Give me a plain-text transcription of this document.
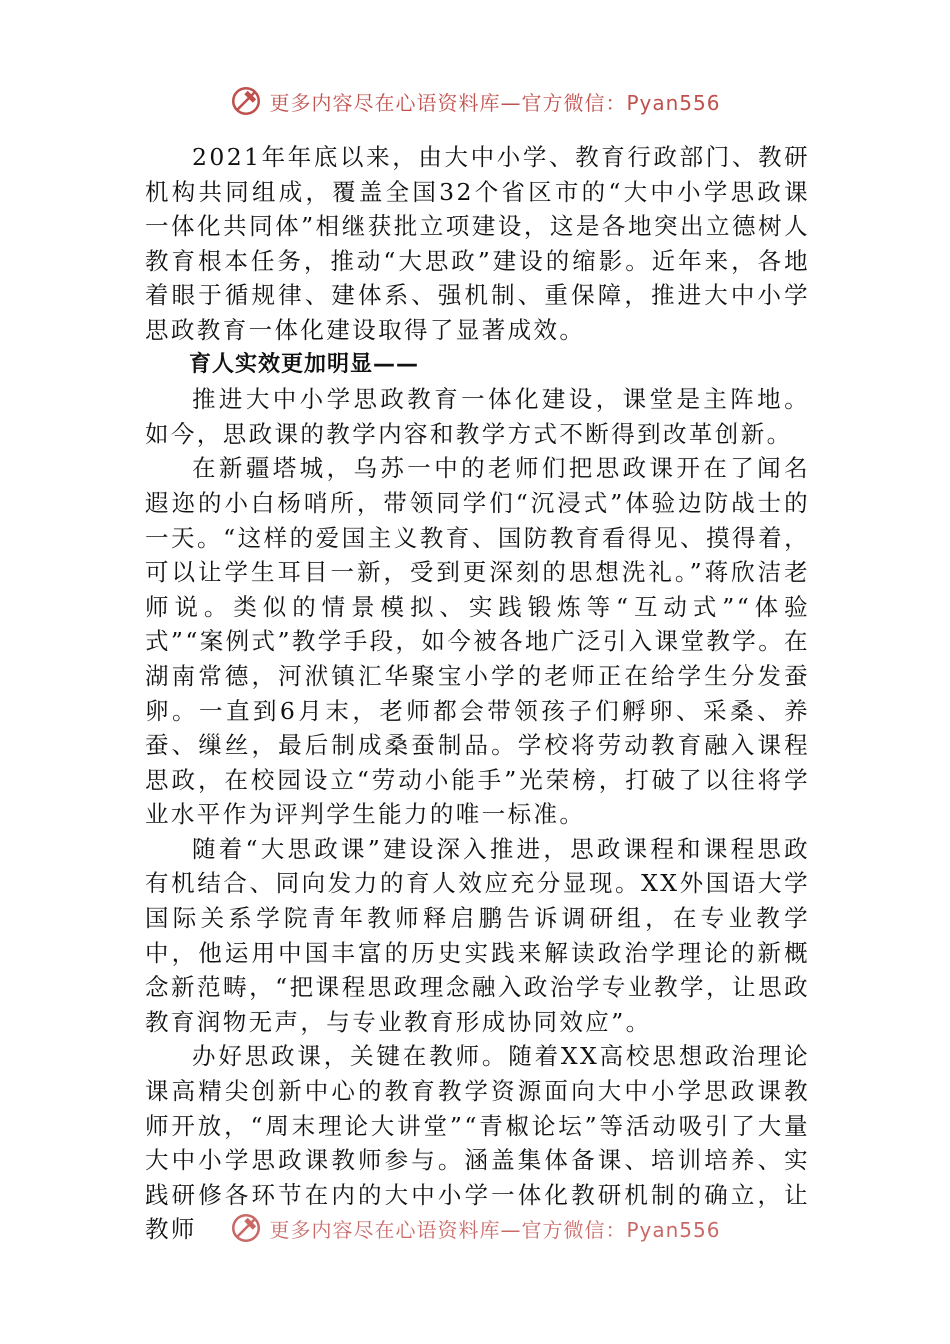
更多内容尽在心语资料库—官方微信：Pyan556

2021年年底以来，由大中小学、教育行政部门、教研机构共同组成，覆盖全国32个省区市的“大中小学思政课一体化共同体”相继获批立项建设，这是各地突出立德树人教育根本任务，推动“大思政”建设的缩影。近年来，各地着眼于循规律、建体系、强机制、重保障，推进大中小学思政教育一体化建设取得了显著成效。

育人实效更加明显——

推进大中小学思政教育一体化建设，课堂是主阵地。如今，思政课的教学内容和教学方式不断得到改革创新。

在新疆塔城，乌苏一中的老师们把思政课开在了闻名遐迩的小白杨哨所，带领同学们“沉浸式”体验边防战士的一天。“这样的爱国主义教育、国防教育看得见、摸得着，可以让学生耳目一新，受到更深刻的思想洗礼。”蒋欣洁老师说。类似的情景模拟、实践锻炼等“互动式”“体验式”“案例式”教学手段，如今被各地广泛引入课堂教学。在湖南常德，河洑镇汇华聚宝小学的老师正在给学生分发蚕卵。一直到6月末，老师都会带领孩子们孵卵、采桑、养蚕、缫丝，最后制成桑蚕制品。学校将劳动教育融入课程思政，在校园设立“劳动小能手”光荣榜，打破了以往将学业水平作为评判学生能力的唯一标准。

随着“大思政课”建设深入推进，思政课程和课程思政有机结合、同向发力的育人效应充分显现。XX外国语大学国际关系学院青年教师释启鹏告诉调研组，在专业教学中，他运用中国丰富的历史实践来解读政治学理论的新概念新范畴，“把课程思政理念融入政治学专业教学，让思政教育润物无声，与专业教育形成协同效应”。

办好思政课，关键在教师。随着XX高校思想政治理论课高精尖创新中心的教育教学资源面向大中小学思政课教师开放，“周末理论大讲堂”“青椒论坛”等活动吸引了大量大中小学思政课教师参与。涵盖集体备课、培训培养、实践研修各环节在内的大中小学一体化教研机制的确立，让教师	更多内容尽在心语资料库—官方微信：Pyan556
